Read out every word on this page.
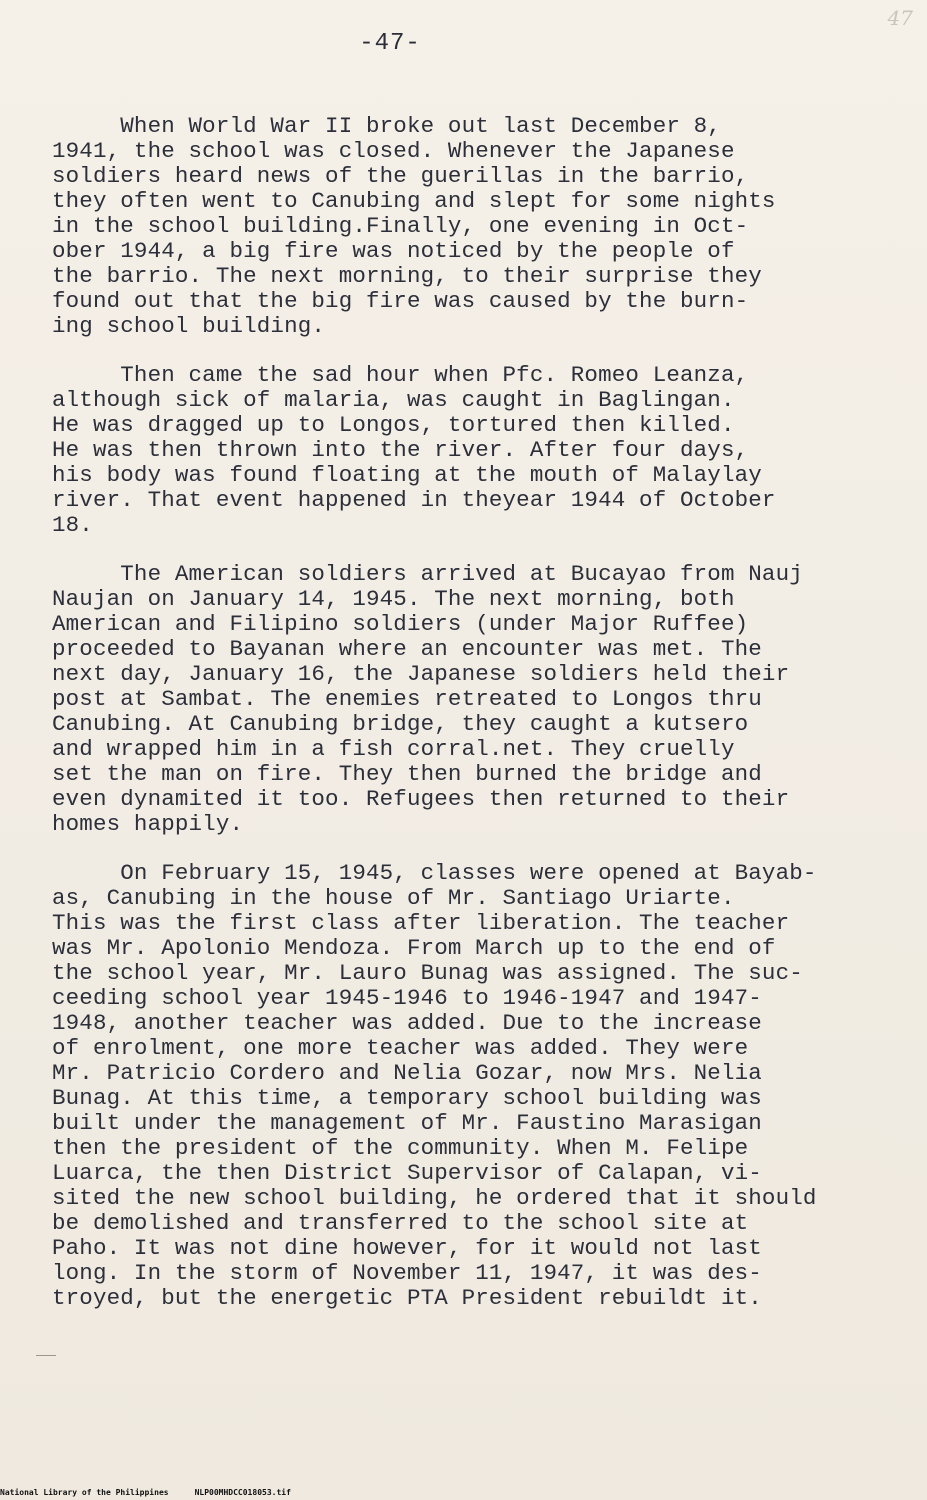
47
-47-
When World War II broke out last December 8,
1941, the school was closed. Whenever the Japanese
soldiers heard news of the guerillas in the barrio,
they often went to Canubing and slept for some nights
in the school building.Finally, one evening in Oct-
ober 1944, a big fire was noticed by the people of
the barrio. The next morning, to their surprise they
found out that the big fire was caused by the burn-
ing school building.
Then came the sad hour when Pfc. Romeo Leanza,
although sick of malaria, was caught in Baglingan.
He was dragged up to Longos, tortured then killed.
He was then thrown into the river. After four days,
his body was found floating at the mouth of Malaylay
river. That event happened in theyear 1944 of October
18.
The American soldiers arrived at Bucayao from Nauj
Naujan on January 14, 1945. The next morning, both
American and Filipino soldiers (under Major Ruffee)
proceeded to Bayanan where an encounter was met. The
next day, January 16, the Japanese soldiers held their
post at Sambat. The enemies retreated to Longos thru
Canubing. At Canubing bridge, they caught a kutsero
and wrapped him in a fish corral.net. They cruelly
set the man on fire. They then burned the bridge and
even dynamited it too. Refugees then returned to their
homes happily.
On February 15, 1945, classes were opened at Bayab-
as, Canubing in the house of Mr. Santiago Uriarte.
This was the first class after liberation. The teacher
was Mr. Apolonio Mendoza. From March up to the end of
the school year, Mr. Lauro Bunag was assigned. The suc-
ceeding school year 1945-1946 to 1946-1947 and 1947-
1948, another teacher was added. Due to the increase
of enrolment, one more teacher was added. They were
Mr. Patricio Cordero and Nelia Gozar, now Mrs. Nelia
Bunag. At this time, a temporary school building was
built under the management of Mr. Faustino Marasigan
then the president of the community. When M. Felipe
Luarca, the then District Supervisor of Calapan, vi-
sited the new school building, he ordered that it should
be demolished and transferred to the school site at
Paho. It was not dine however, for it would not last
long. In the storm of November 11, 1947, it was des-
troyed, but the energetic PTA President rebuildt it.
National Library of the Philippines	NLP00MHDCC018053.tif
